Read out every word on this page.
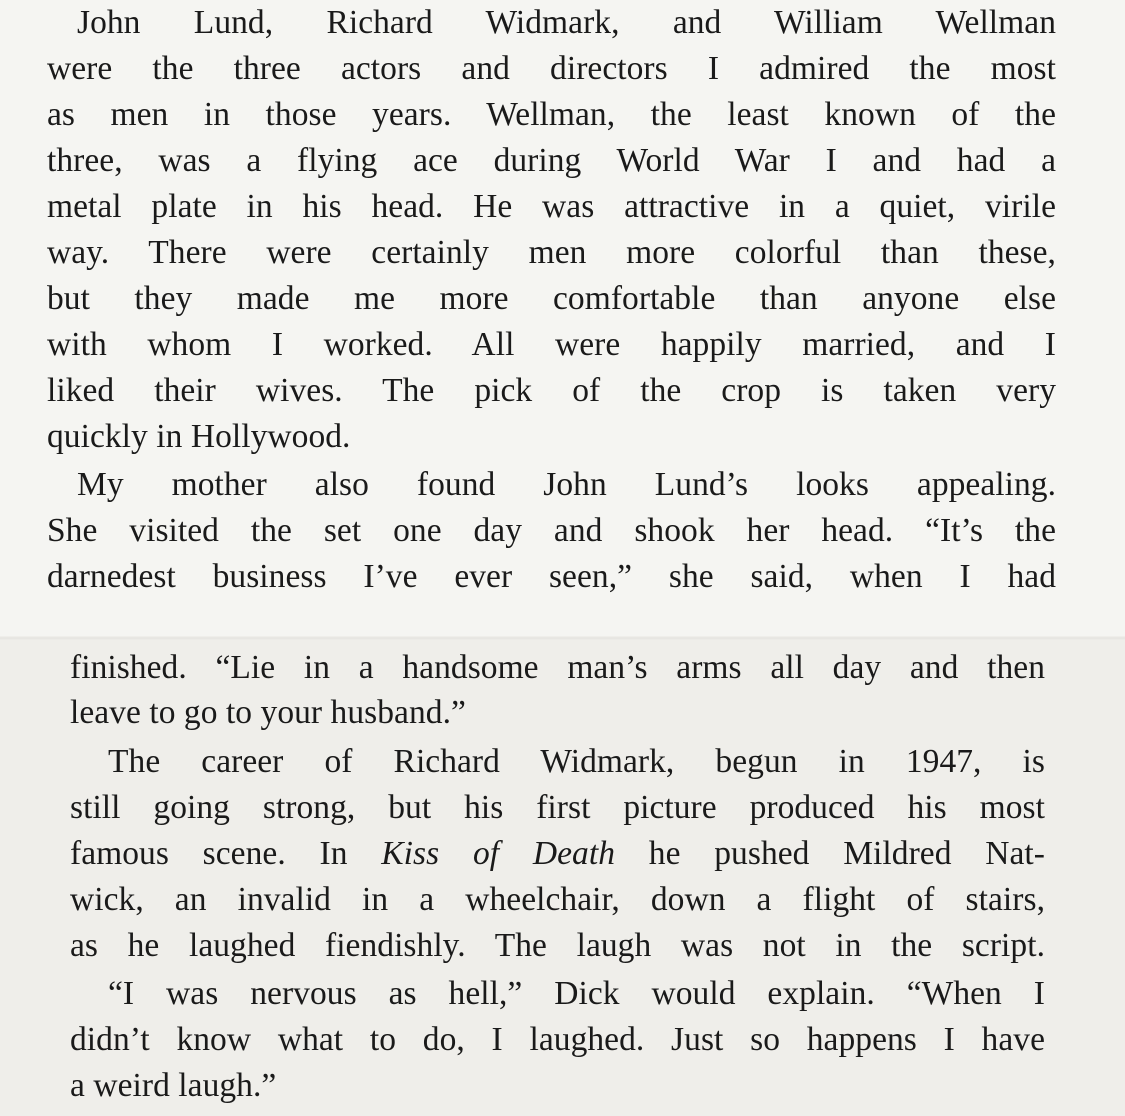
John Lund, Richard Widmark, and William Wellman
were the three actors and directors I admired the most
as men in those years. Wellman, the least known of the
three, was a flying ace during World War I and had a
metal plate in his head. He was attractive in a quiet, virile
way. There were certainly men more colorful than these,
but they made me more comfortable than anyone else
with whom I worked. All were happily married, and I
liked their wives. The pick of the crop is taken very
quickly in Hollywood.
My mother also found John Lund’s looks appealing.
She visited the set one day and shook her head. “It’s the
darnedest business I’ve ever seen,” she said, when I had
finished. “Lie in a handsome man’s arms all day and then
leave to go to your husband.”
The career of Richard Widmark, begun in 1947, is
still going strong, but his first picture produced his most
famous scene. In Kiss of Death he pushed Mildred Nat-
wick, an invalid in a wheelchair, down a flight of stairs,
as he laughed fiendishly. The laugh was not in the script.
“I was nervous as hell,” Dick would explain. “When I
didn’t know what to do, I laughed. Just so happens I have
a weird laugh.”
